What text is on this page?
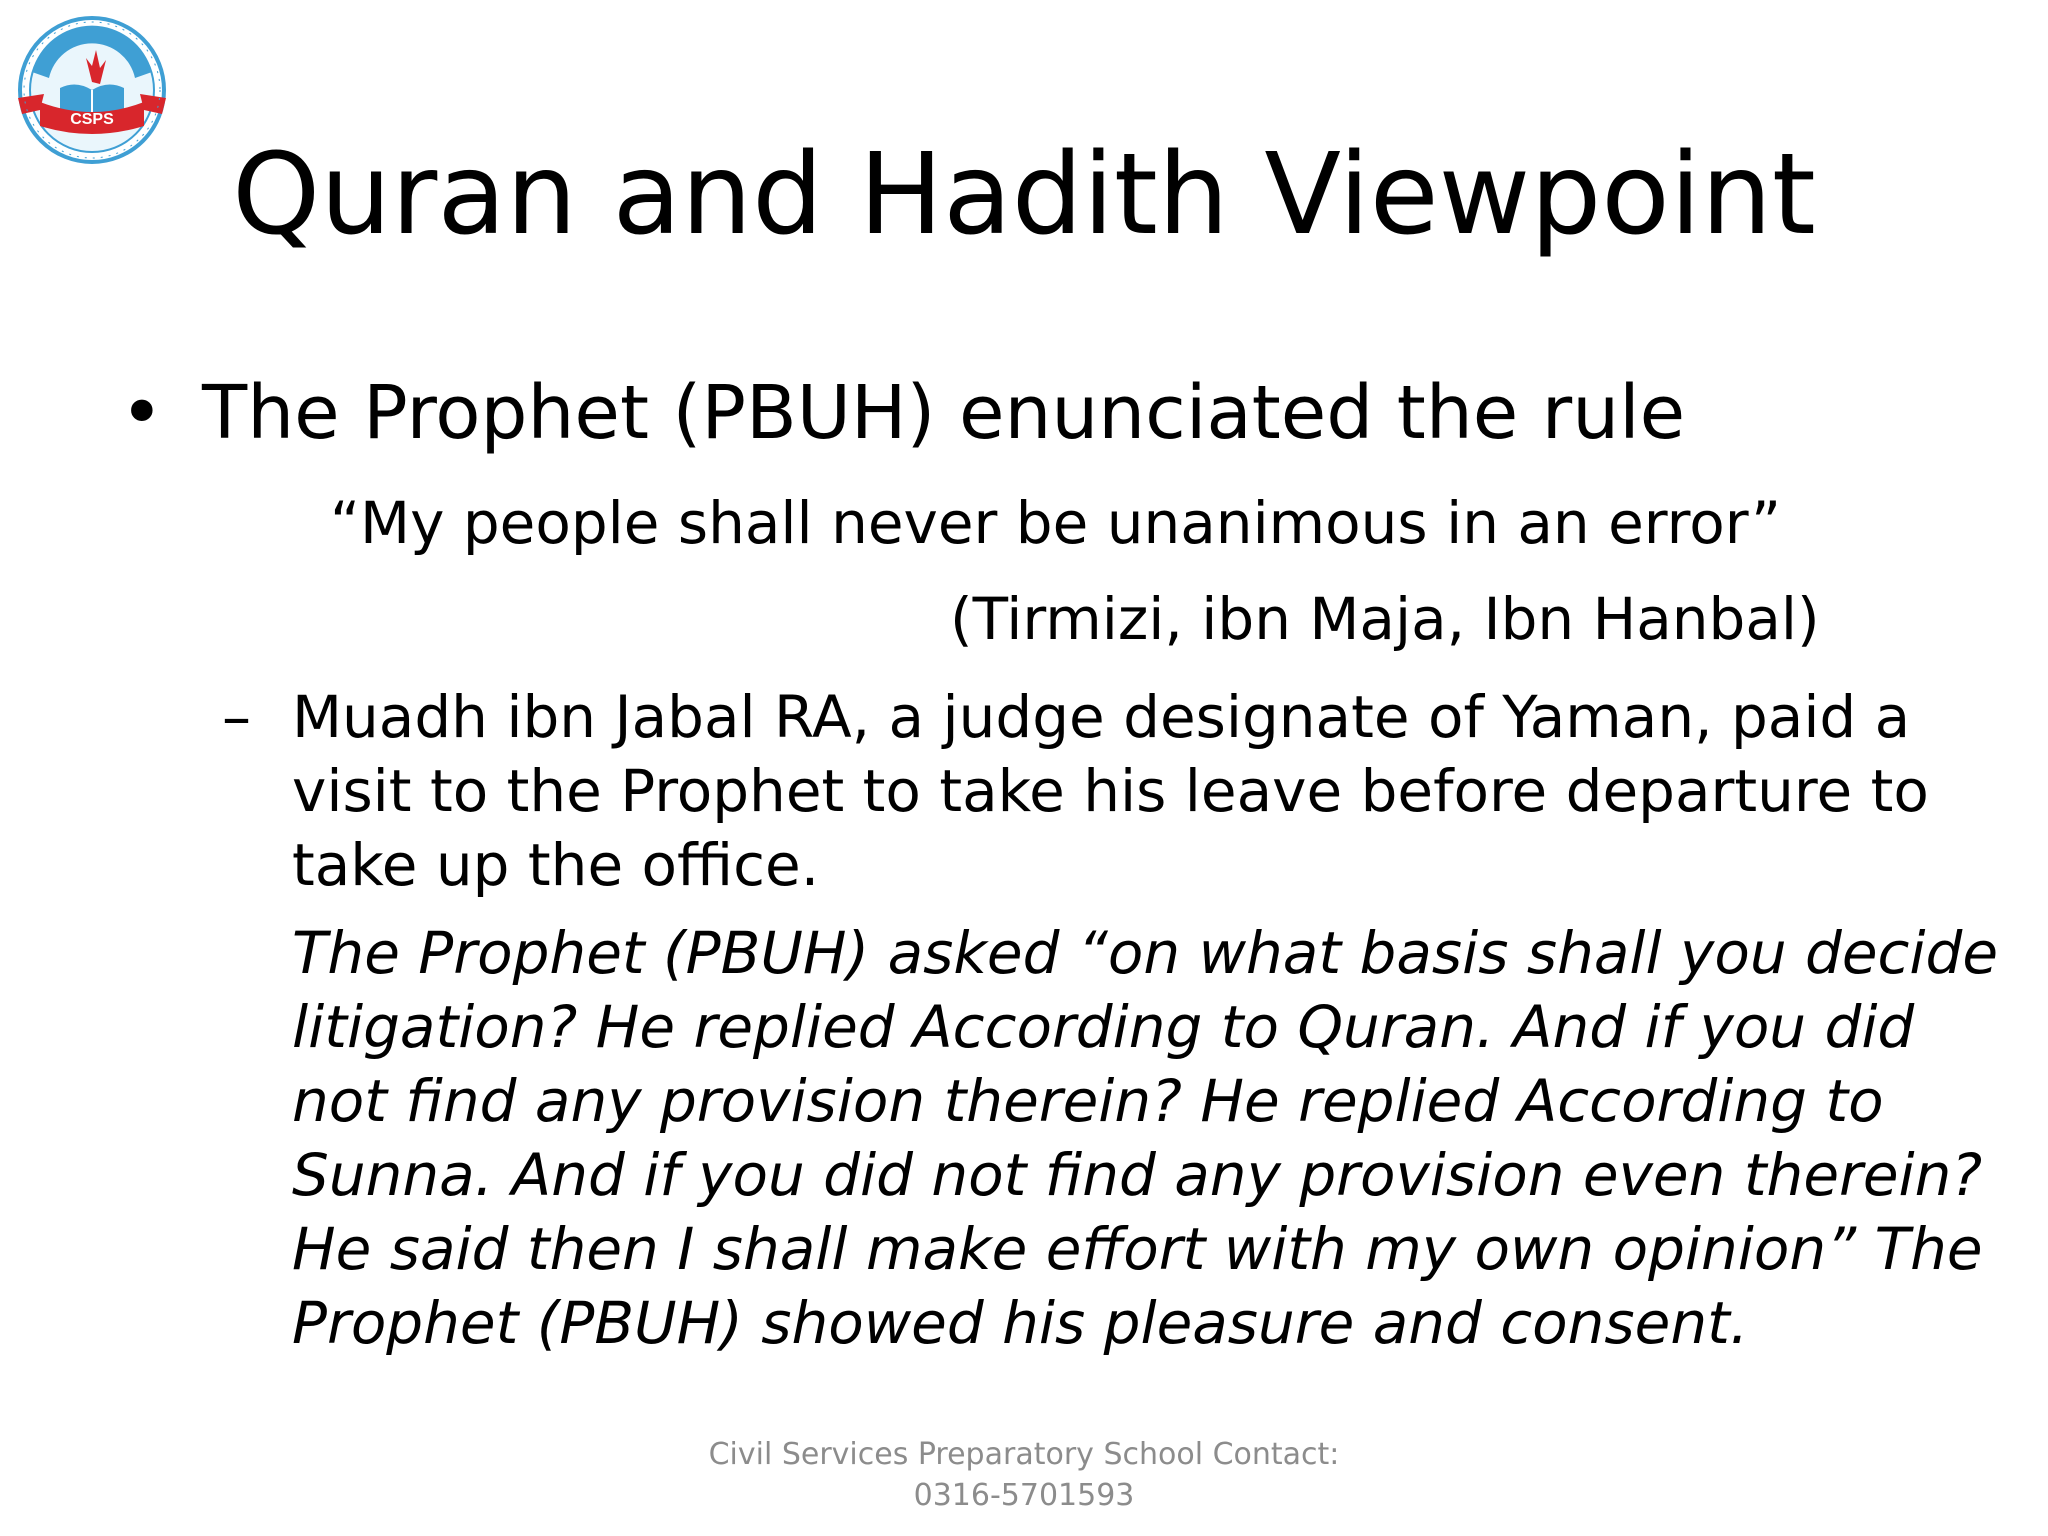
CSPS
Quran and Hadith Viewpoint
• The Prophet (PBUH) enunciated the rule
“My people shall never be unanimous in an error”
(Tirmizi, ibn Maja, Ibn Hanbal)
– Muadh ibn Jabal RA, a judge designate of Yaman, paid a
visit to the Prophet to take his leave before departure to
take up the office.
The Prophet (PBUH) asked “on what basis shall you decide
litigation? He replied According to Quran. And if you did
not find any provision therein? He replied According to
Sunna. And if you did not find any provision even therein?
He said then I shall make effort with my own opinion” The
Prophet (PBUH) showed his pleasure and consent.
Civil Services Preparatory School Contact:
0316-5701593
